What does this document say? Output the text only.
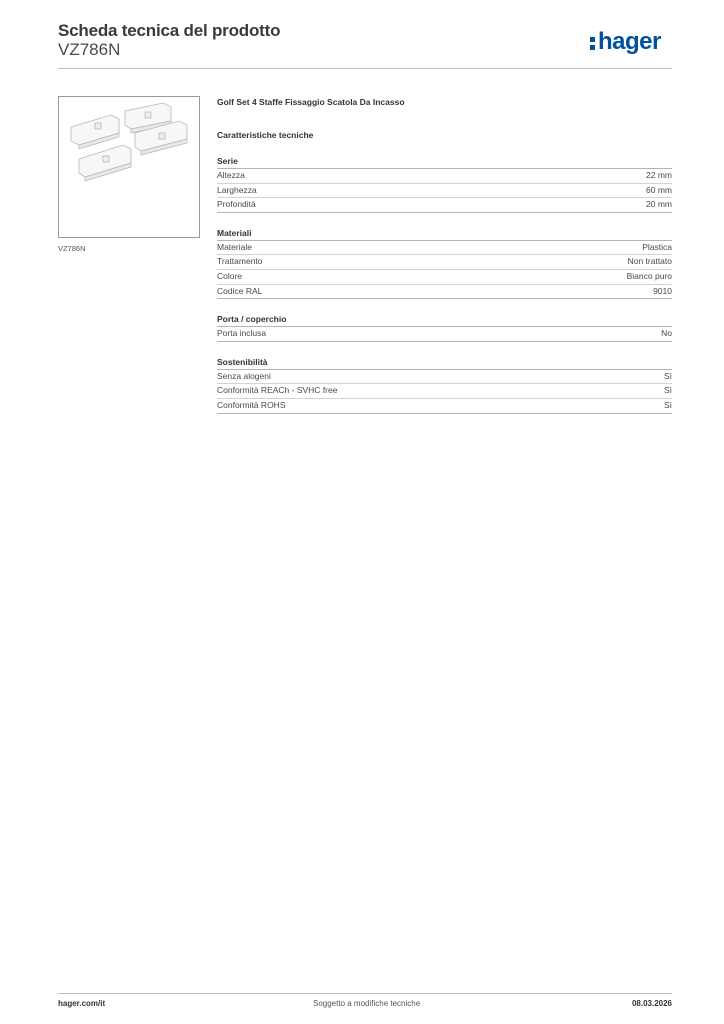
Scheda tecnica del prodotto
VZ786N	hager
VZ786N
Golf Set 4 Staffe Fissaggio Scatola Da Incasso
Caratteristiche tecniche
Serie
Altezza	22 mm
Larghezza	60 mm
Profondità	20 mm
Materiali
Materiale	Plastica
Trattamento	Non trattato
Colore	Bianco puro
Codice RAL	9010
Porta / coperchio
Porta inclusa	No
Sostenibilità
Senza alogeni	Sì
Conformità REACh - SVHC free	Sì
Conformità ROHS	Sì
hager.com/it	Soggetto a modifiche tecniche	08.03.2026
